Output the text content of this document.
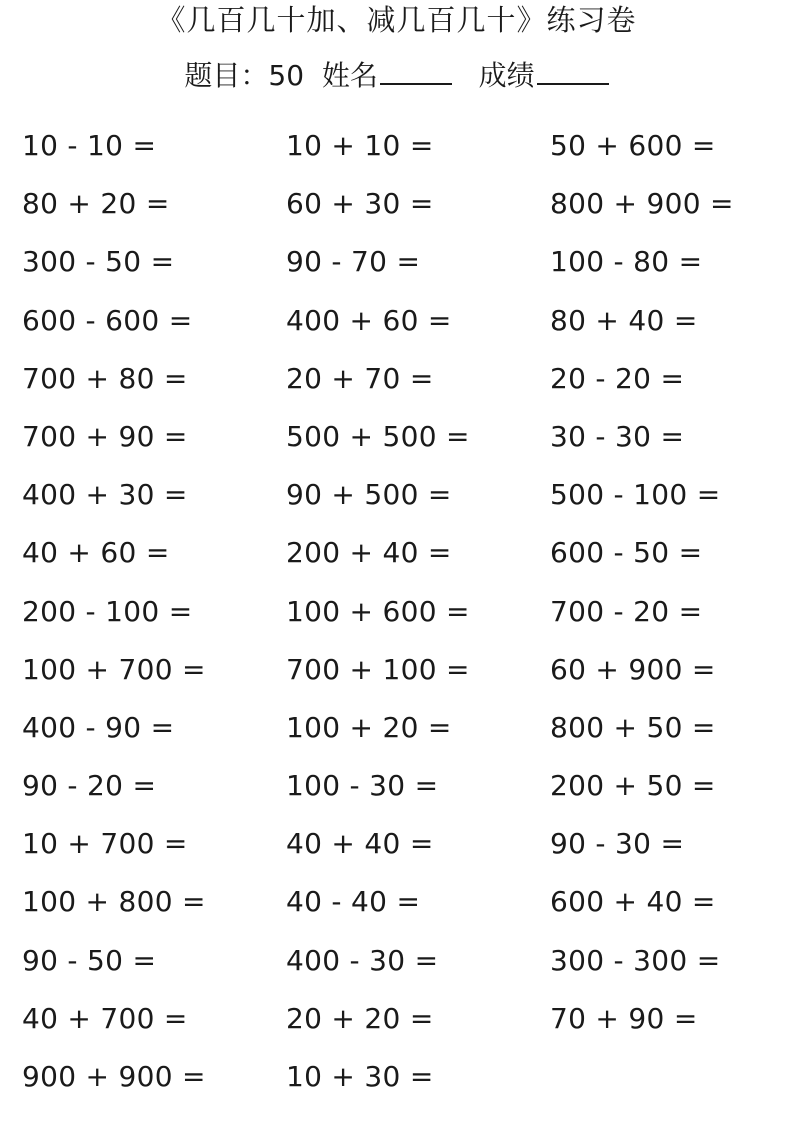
《几百几十加、减几百几十》练习卷
题目：50 姓名	成绩
10 - 10 =	10 + 10 =	50 + 600 =
80 + 20 =	60 + 30 =	800 + 900 =
300 - 50 =	90 - 70 =	100 - 80 =
600 - 600 =	400 + 60 =	80 + 40 =
700 + 80 =	20 + 70 =	20 - 20 =
700 + 90 =	500 + 500 =	30 - 30 =
400 + 30 =	90 + 500 =	500 - 100 =
40 + 60 =	200 + 40 =	600 - 50 =
200 - 100 =	100 + 600 =	700 - 20 =
100 + 700 =	700 + 100 =	60 + 900 =
400 - 90 =	100 + 20 =	800 + 50 =
90 - 20 =	100 - 30 =	200 + 50 =
10 + 700 =	40 + 40 =	90 - 30 =
100 + 800 =	40 - 40 =	600 + 40 =
90 - 50 =	400 - 30 =	300 - 300 =
40 + 700 =	20 + 20 =	70 + 90 =
900 + 900 =	10 + 30 =
